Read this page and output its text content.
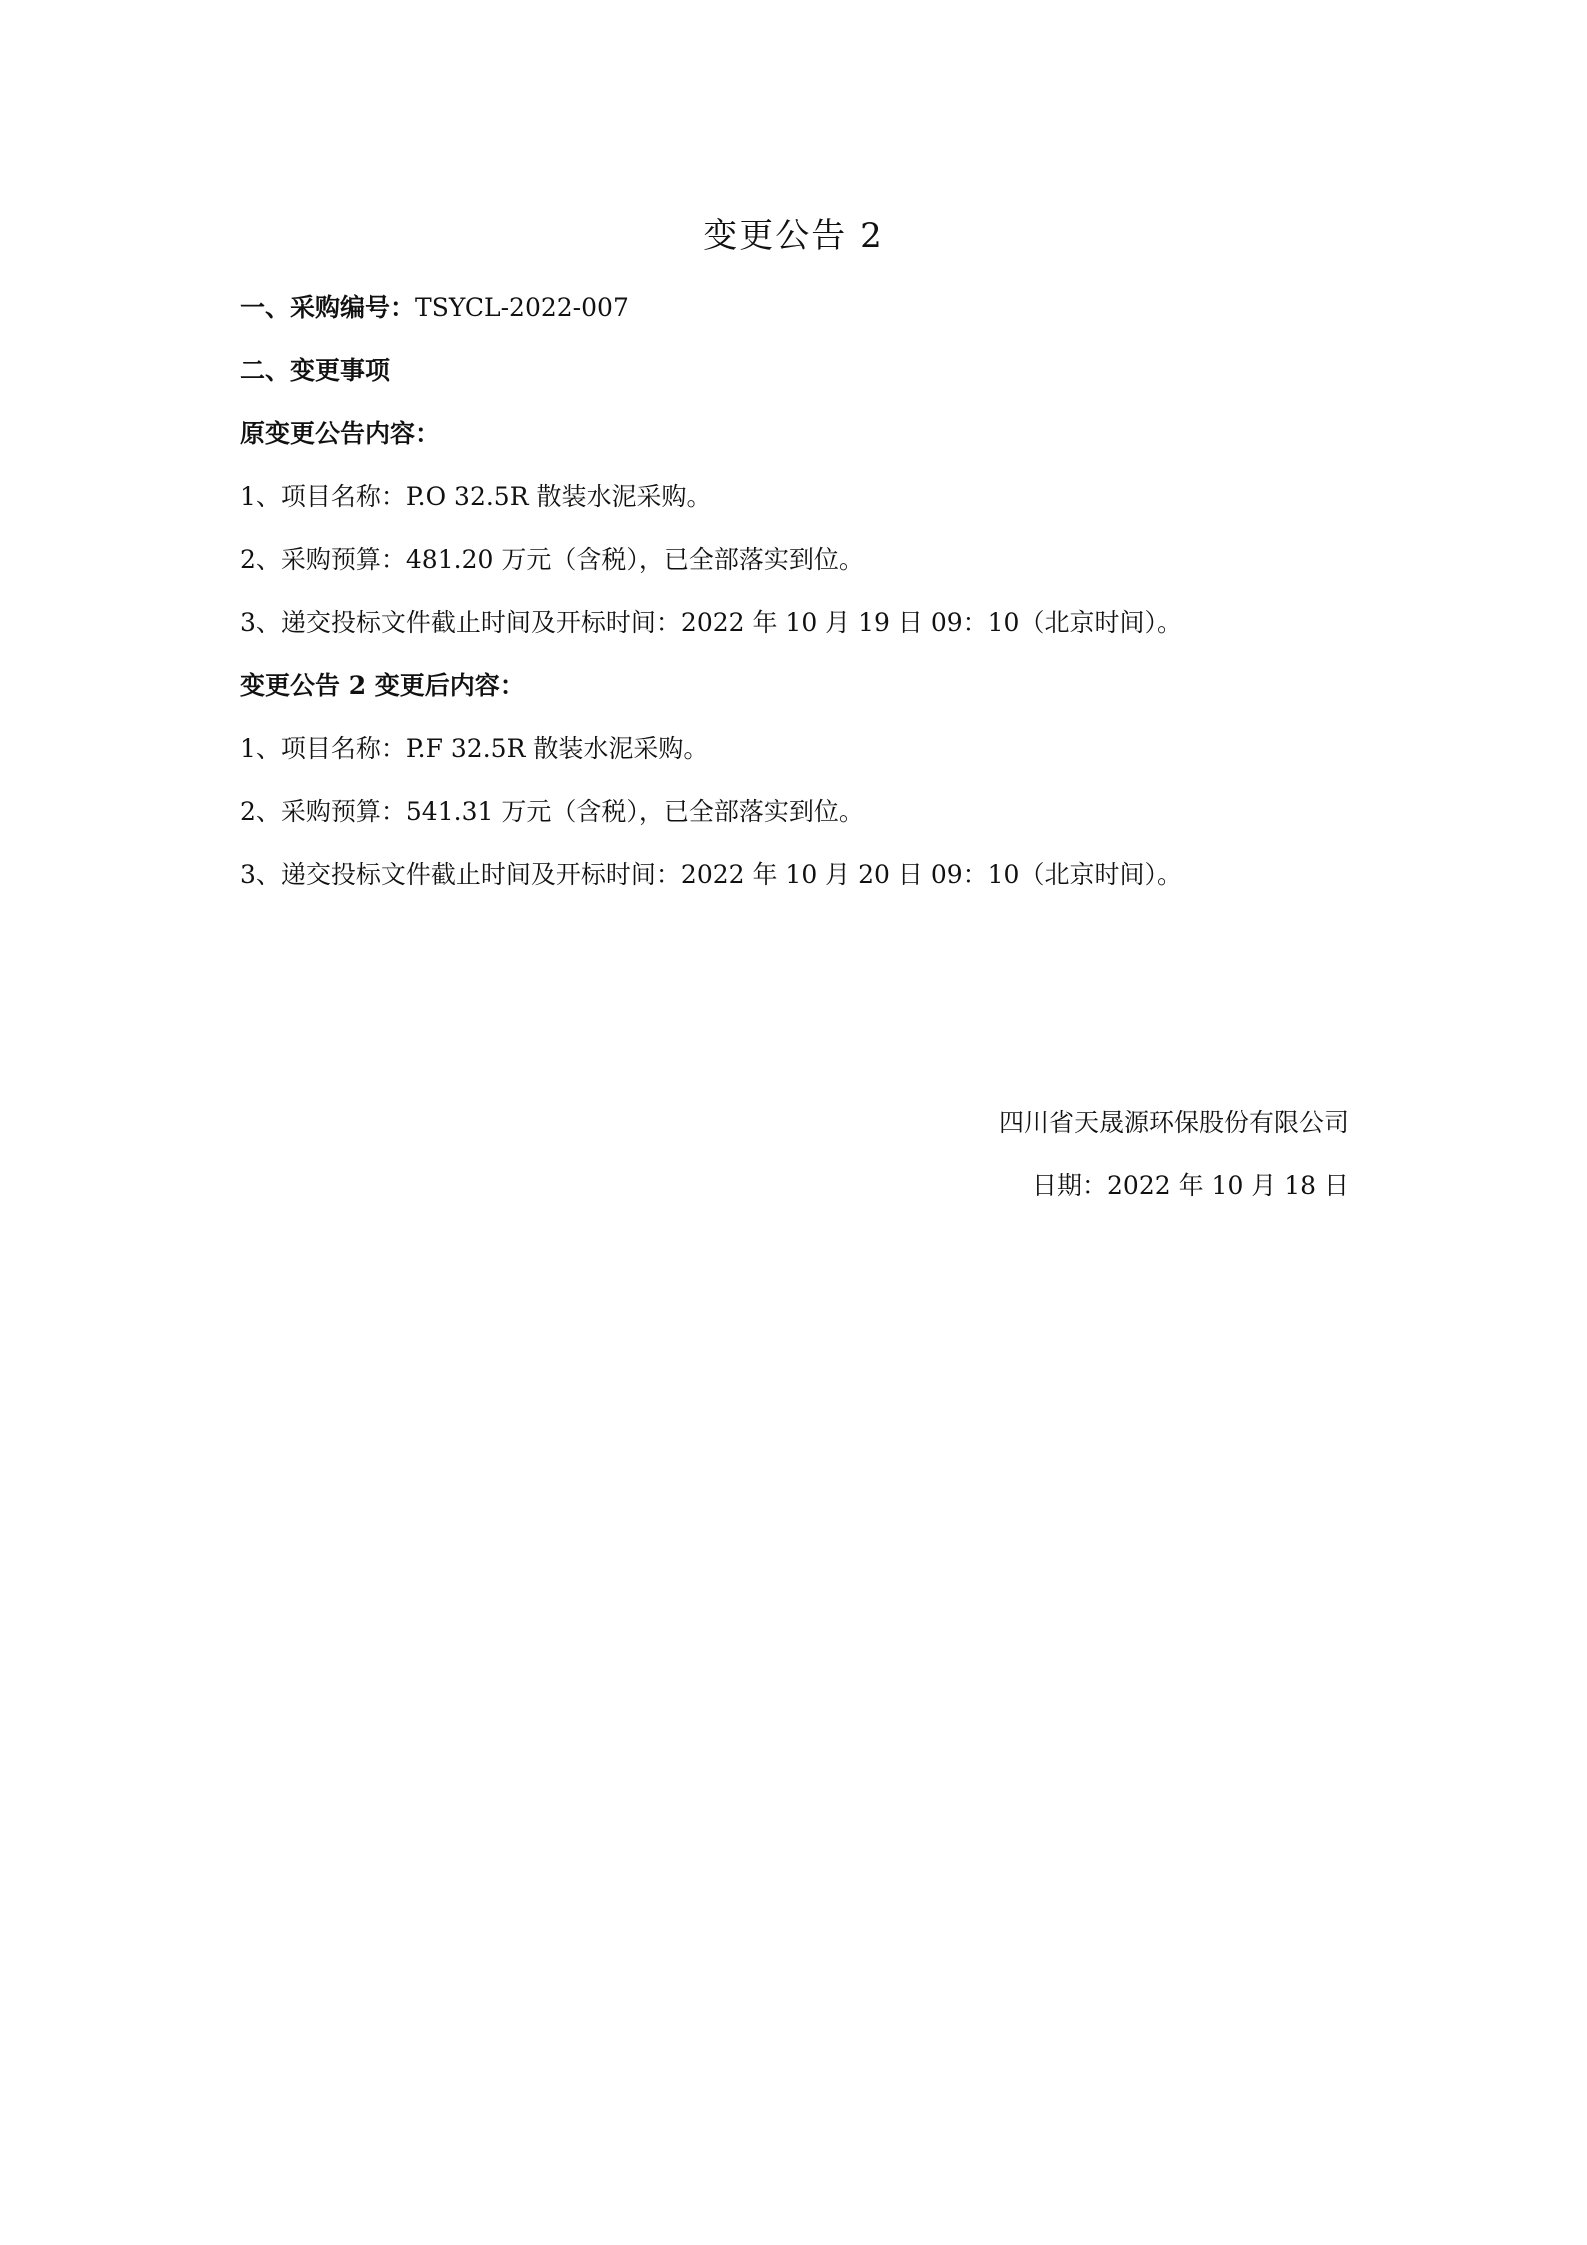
变更公告 2
一、采购编号：TSYCL-2022-007
二、变更事项
原变更公告内容：
1、项目名称：P.O 32.5R 散装水泥采购。
2、采购预算：481.20 万元（含税），已全部落实到位。
3、递交投标文件截止时间及开标时间：2022 年 10 月 19 日 09：10（北京时间）。
变更公告 2 变更后内容：
1、项目名称：P.F 32.5R 散装水泥采购。
2、采购预算：541.31 万元（含税），已全部落实到位。
3、递交投标文件截止时间及开标时间：2022 年 10 月 20 日 09：10（北京时间）。
四川省天晟源环保股份有限公司
日期：2022 年 10 月 18 日
